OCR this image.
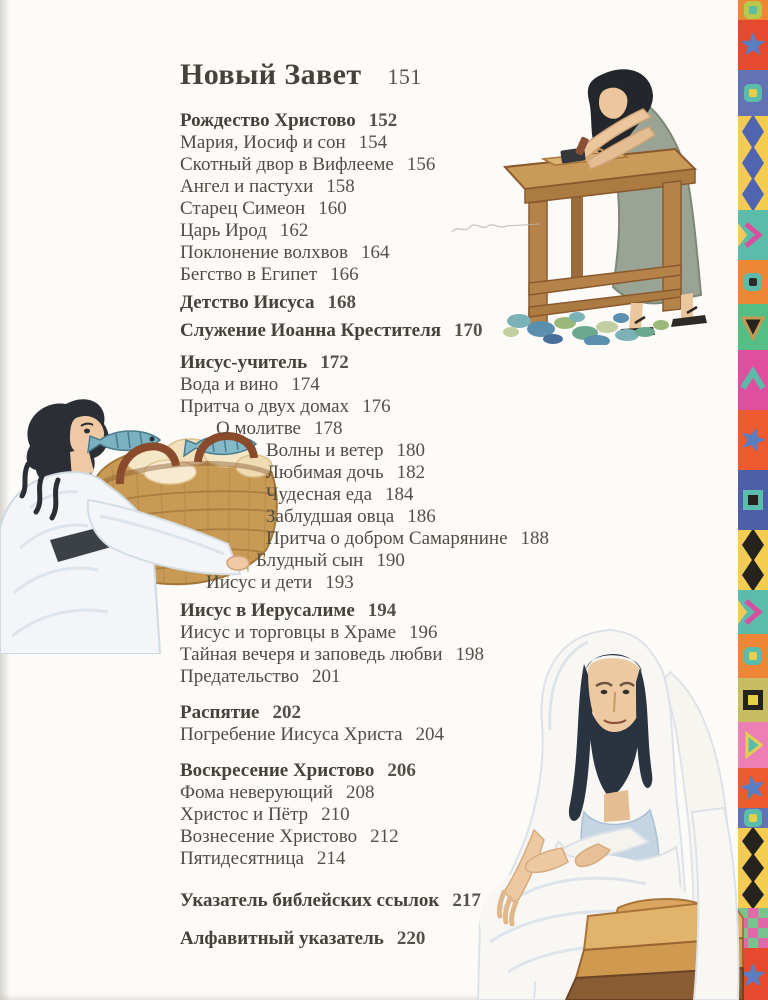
Новый Завет 151
Рождество Христово 152
Мария, Иосиф и сон 154
Скотный двор в Вифлееме 156
Ангел и пастухи 158
Старец Симеон 160
Царь Ирод 162
Поклонение волхвов 164
Бегство в Египет 166
Детство Иисуса 168
Служение Иоанна Крестителя 170
Иисус-учитель 172
Вода и вино 174
Притча о двух домах 176
О молитве 178
Волны и ветер 180
Любимая дочь 182
Чудесная еда 184
Заблудшая овца 186
Притча о добром Самарянине 188
Блудный сын 190
Иисус и дети 193
Иисус в Иерусалиме 194
Иисус и торговцы в Храме 196
Тайная вечеря и заповедь любви 198
Предательство 201
Распятие 202
Погребение Иисуса Христа 204
Воскресение Христово 206
Фома неверующий 208
Христос и Пётр 210
Вознесение Христово 212
Пятидесятница 214
Указатель библейских ссылок 217
Алфавитный указатель 220
